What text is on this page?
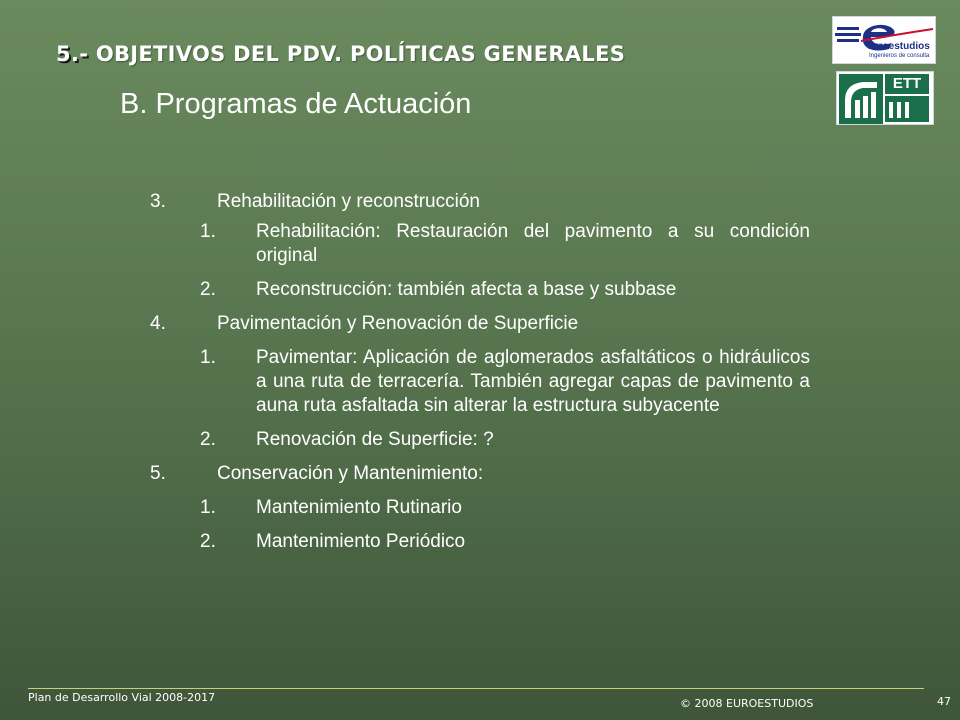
5.- OBJETIVOS DEL PDV. POLÍTICAS GENERALES
B. Programas de Actuación
euroestudios
Ingenieros de consulta
ETT
3.	Rehabilitación y reconstrucción
1. Rehabilitación: Restauración del pavimento a su condición original
2. Reconstrucción: también afecta a base y subbase
4.	Pavimentación y Renovación de Superficie
1. Pavimentar: Aplicación de aglomerados asfaltáticos o hidráulicos a una ruta de terracería. También agregar capas de pavimento a auna ruta asfaltada sin alterar la estructura subyacente
2. Renovación de Superficie: ?
5.	Conservación y Mantenimiento:
1. Mantenimiento Rutinario
2. Mantenimiento Periódico
Plan de Desarrollo Vial 2008-2017	© 2008 EUROESTUDIOS	47
